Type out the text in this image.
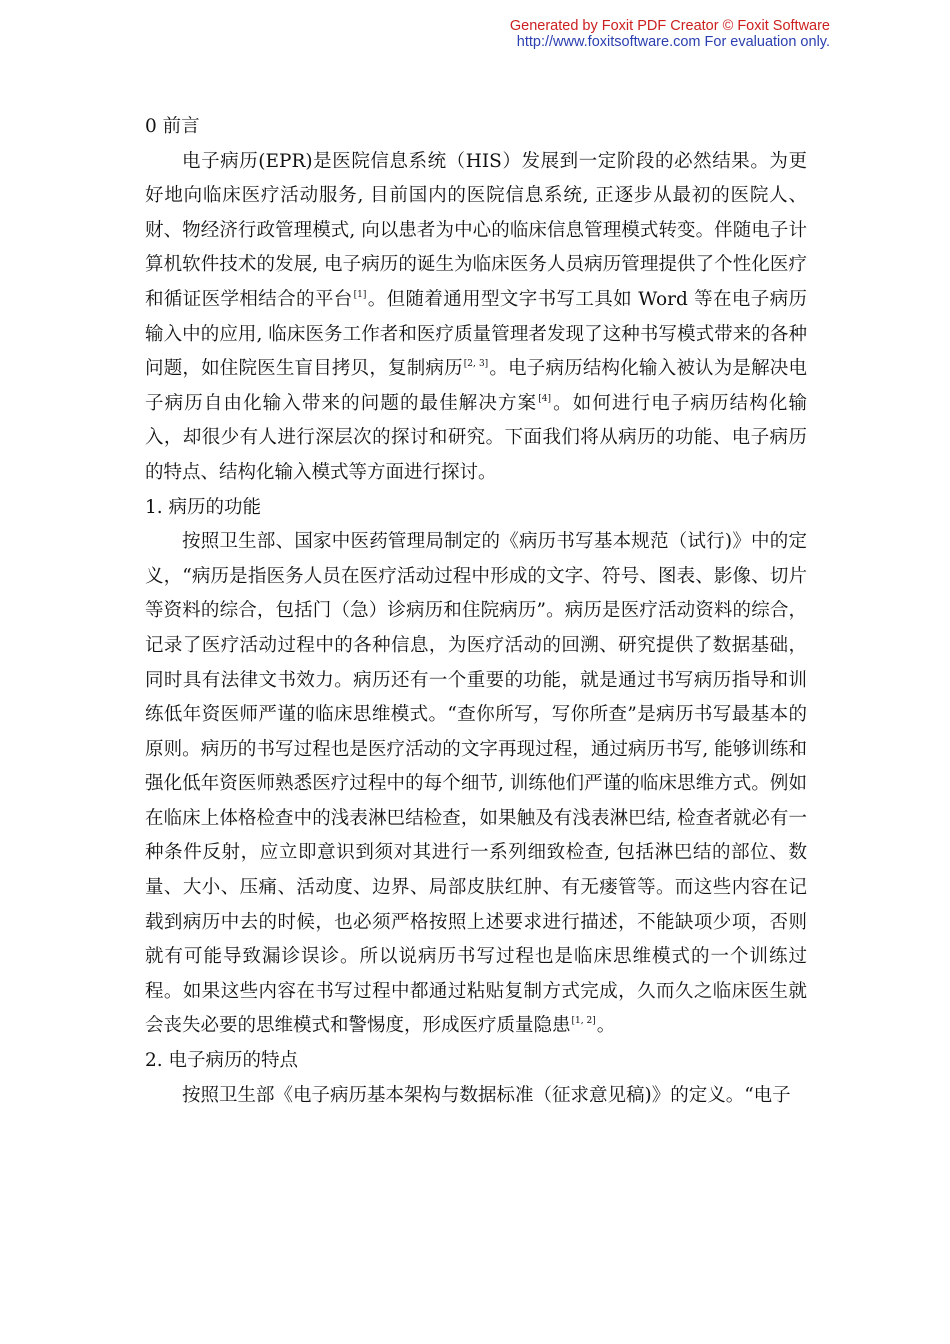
Generated by Foxit PDF Creator © Foxit Software
http://www.foxitsoftware.com For evaluation only.

0 前言

电子病历(EPR)是医院信息系统（HIS）发展到一定阶段的必然结果。为更好地向临床医疗活动服务, 目前国内的医院信息系统, 正逐步从最初的医院人、财、物经济行政管理模式, 向以患者为中心的临床信息管理模式转变。伴随电子计算机软件技术的发展, 电子病历的诞生为临床医务人员病历管理提供了个性化医疗和循证医学相结合的平台[1]。但随着通用型文字书写工具如 Word 等在电子病历输入中的应用, 临床医务工作者和医疗质量管理者发现了这种书写模式带来的各种问题，如住院医生盲目拷贝，复制病历[2, 3]。电子病历结构化输入被认为是解决电子病历自由化输入带来的问题的最佳解决方案[4]。如何进行电子病历结构化输入，却很少有人进行深层次的探讨和研究。下面我们将从病历的功能、电子病历的特点、结构化输入模式等方面进行探讨。

1. 病历的功能

按照卫生部、国家中医药管理局制定的《病历书写基本规范（试行)》中的定义，“病历是指医务人员在医疗活动过程中形成的文字、符号、图表、影像、切片等资料的综合，包括门（急）诊病历和住院病历”。病历是医疗活动资料的综合，记录了医疗活动过程中的各种信息，为医疗活动的回溯、研究提供了数据基础，同时具有法律文书效力。病历还有一个重要的功能，就是通过书写病历指导和训练低年资医师严谨的临床思维模式。“查你所写，写你所查”是病历书写最基本的原则。病历的书写过程也是医疗活动的文字再现过程，通过病历书写, 能够训练和强化低年资医师熟悉医疗过程中的每个细节, 训练他们严谨的临床思维方式。例如在临床上体格检查中的浅表淋巴结检查，如果触及有浅表淋巴结, 检查者就必有一种条件反射，应立即意识到须对其进行一系列细致检查, 包括淋巴结的部位、数量、大小、压痛、活动度、边界、局部皮肤红肿、有无瘘管等。而这些内容在记载到病历中去的时候，也必须严格按照上述要求进行描述，不能缺项少项，否则就有可能导致漏诊误诊。所以说病历书写过程也是临床思维模式的一个训练过程。如果这些内容在书写过程中都通过粘贴复制方式完成，久而久之临床医生就会丧失必要的思维模式和警惕度，形成医疗质量隐患[1, 2]。

2. 电子病历的特点

按照卫生部《电子病历基本架构与数据标准（征求意见稿)》的定义。“电子
